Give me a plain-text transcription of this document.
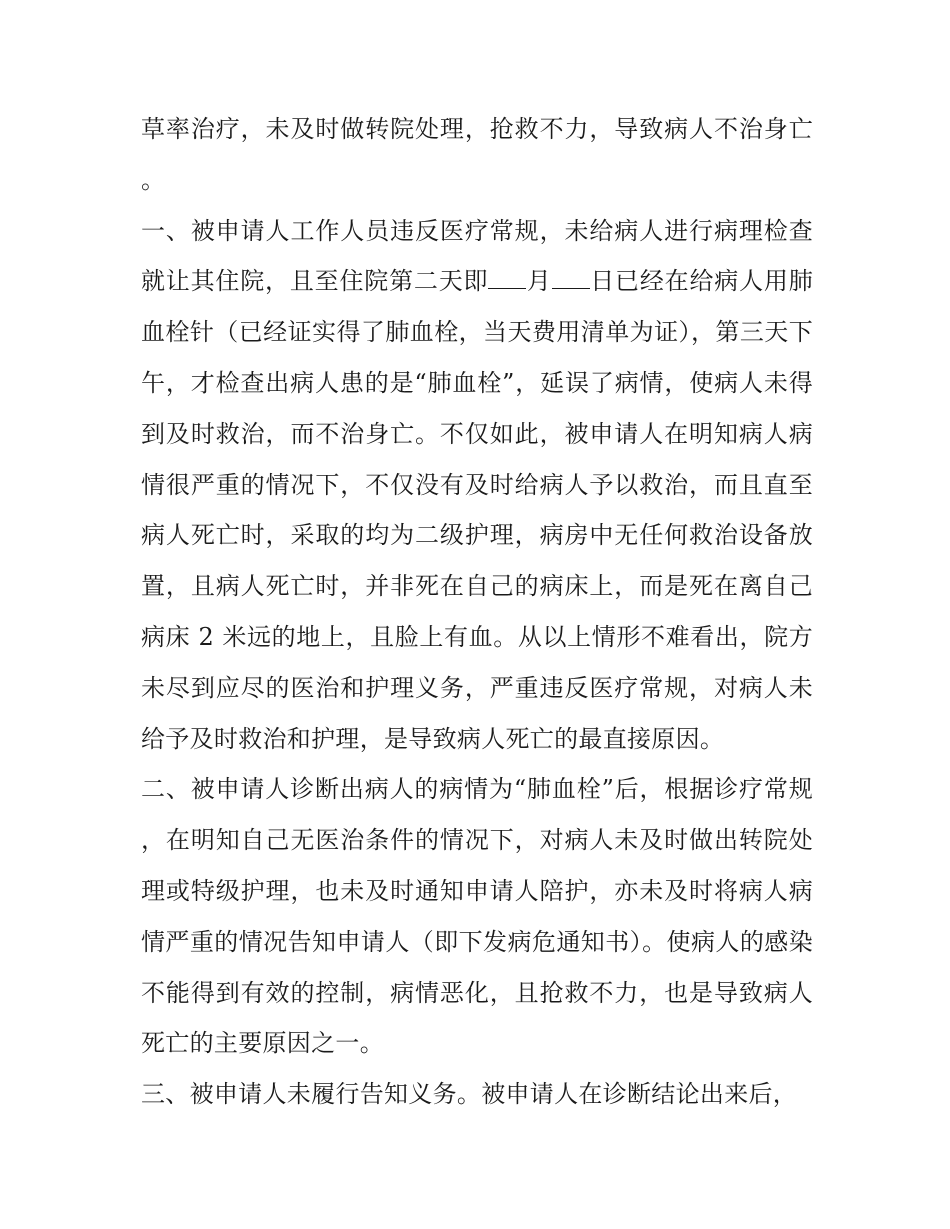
草率治疗，未及时做转院处理，抢救不力，导致病人不治身亡。

一、被申请人工作人员违反医疗常规，未给病人进行病理检查就让其住院，且至住院第二天即 月 日已经在给病人用肺血栓针（已经证实得了肺血栓，当天费用清单为证），第三天下午，才检查出病人患的是“肺血栓”，延误了病情，使病人未得到及时救治，而不治身亡。不仅如此，被申请人在明知病人病情很严重的情况下，不仅没有及时给病人予以救治，而且直至病人死亡时，采取的均为二级护理，病房中无任何救治设备放置，且病人死亡时，并非死在自己的病床上，而是死在离自己病床 2 米远的地上，且脸上有血。从以上情形不难看出，院方未尽到应尽的医治和护理义务，严重违反医疗常规，对病人未给予及时救治和护理，是导致病人死亡的最直接原因。

二、被申请人诊断出病人的病情为“肺血栓”后，根据诊疗常规，在明知自己无医治条件的情况下，对病人未及时做出转院处理或特级护理，也未及时通知申请人陪护，亦未及时将病人病情严重的情况告知申请人（即下发病危通知书）。使病人的感染不能得到有效的控制，病情恶化，且抢救不力，也是导致病人死亡的主要原因之一。

三、被申请人未履行告知义务。被申请人在诊断结论出来后，
